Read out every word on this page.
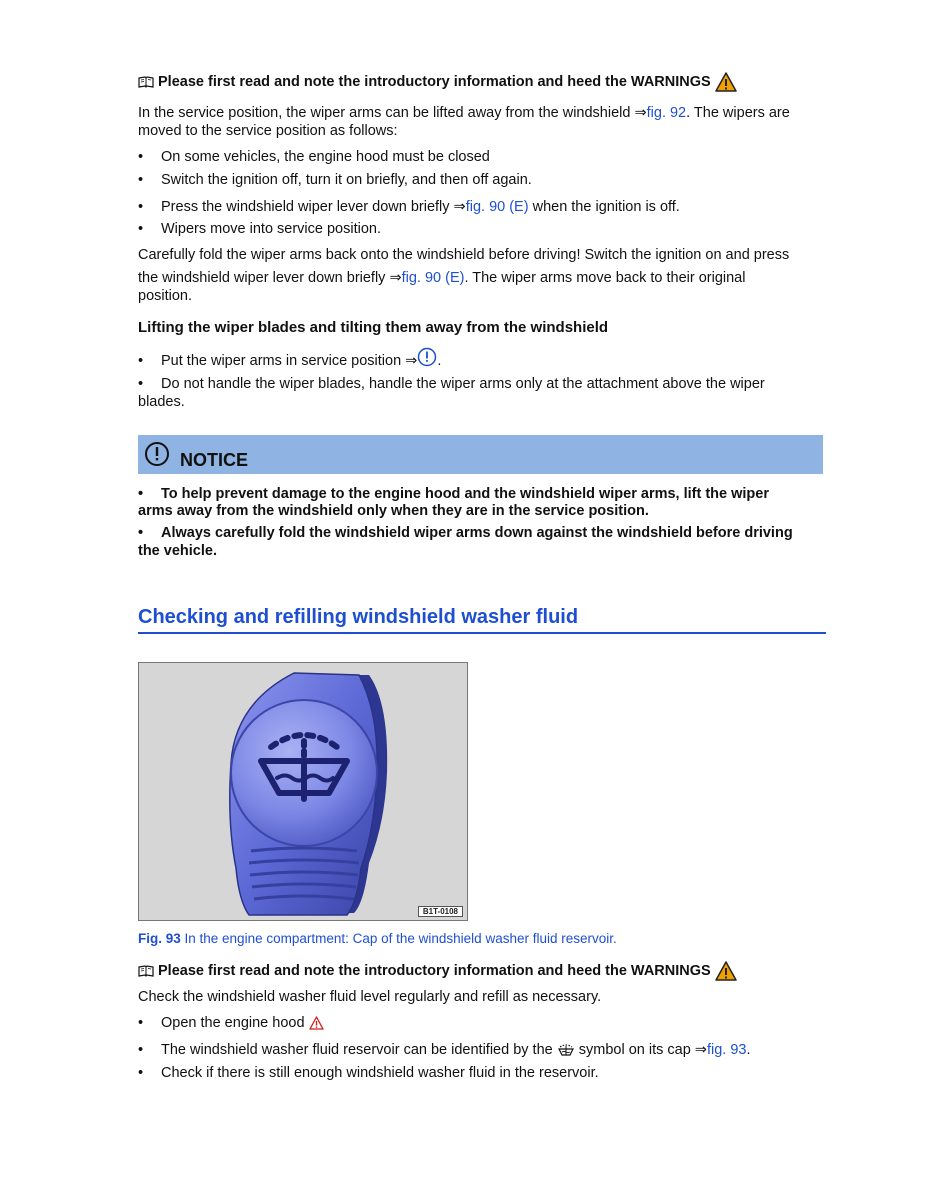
Please first read and note the introductory information and heed the WARNINGS
In the service position, the wiper arms can be lifted away from the windshield ⇒fig. 92. The wipers are
moved to the service position as follows:
• On some vehicles, the engine hood must be closed
• Switch the ignition off, turn it on briefly, and then off again.
• Press the windshield wiper lever down briefly ⇒fig. 90 (E) when the ignition is off.
• Wipers move into service position.
Carefully fold the wiper arms back onto the windshield before driving! Switch the ignition on and press
the windshield wiper lever down briefly ⇒fig. 90 (E). The wiper arms move back to their original
position.
Lifting the wiper blades and tilting them away from the windshield
• Put the wiper arms in service position ⇒ .
• Do not handle the wiper blades, handle the wiper arms only at the attachment above the wiper
blades.
NOTICE
• To help prevent damage to the engine hood and the windshield wiper arms, lift the wiper
arms away from the windshield only when they are in the service position.
• Always carefully fold the windshield wiper arms down against the windshield before driving
the vehicle.
Checking and refilling windshield washer fluid
B1T-0108
Fig. 93 In the engine compartment: Cap of the windshield washer fluid reservoir.
Please first read and note the introductory information and heed the WARNINGS
Check the windshield washer fluid level regularly and refill as necessary.
• Open the engine hood
• The windshield washer fluid reservoir can be identified by the symbol on its cap ⇒ fig. 93 .
• Check if there is still enough windshield washer fluid in the reservoir.
